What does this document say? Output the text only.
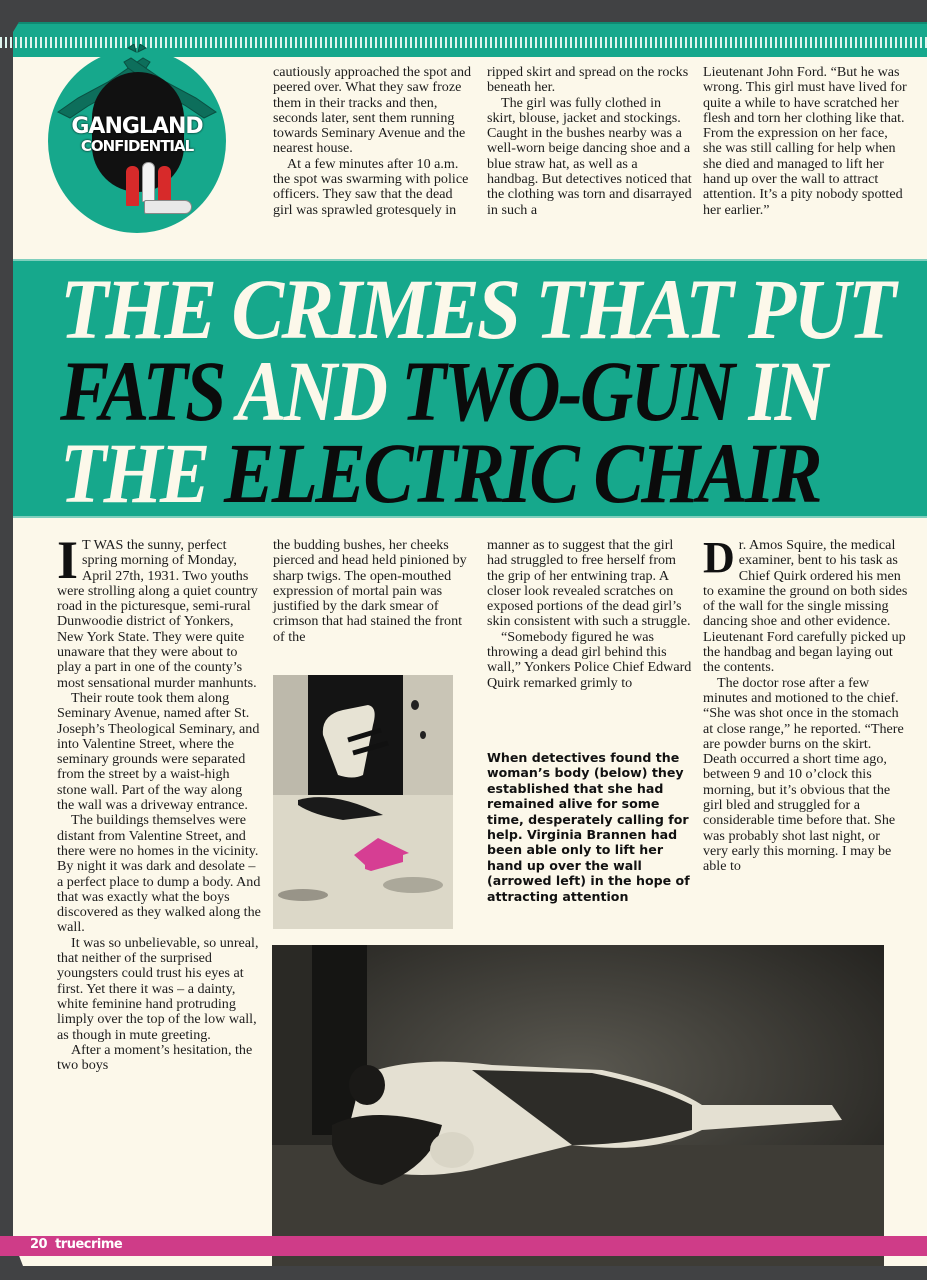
GANGLAND
CONFIDENTIAL

cautiously approached the spot and peered over. What they saw froze them in their tracks and then, seconds later, sent them running towards Seminary Avenue and the nearest house.

At a few minutes after 10 a.m. the spot was swarming with police officers. They saw that the dead girl was sprawled grotesquely in

ripped skirt and spread on the rocks beneath her.

The girl was fully clothed in skirt, blouse, jacket and stockings. Caught in the bushes nearby was a well-worn beige dancing shoe and a blue straw hat, as well as a handbag. But detectives noticed that the clothing was torn and disarrayed in such a

Lieutenant John Ford. “But he was wrong. This girl must have lived for quite a while to have scratched her flesh and torn her clothing like that. From the expression on her face, she was still calling for help when she died and managed to lift her hand up over the wall to attract attention. It’s a pity nobody spotted her earlier.”

THE CRIMES THAT PUT
FATS AND TWO-GUN IN
THE ELECTRIC CHAIR
I T WAS the sunny, perfect spring morning of Monday, April 27th, 1931. Two youths were strolling along a quiet country road in the picturesque, semi-rural Dunwoodie district of Yonkers, New York State. They were quite unaware that they were about to play a part in one of the county’s most sensational murder manhunts.

Their route took them along Seminary Avenue, named after St. Joseph’s Theological Seminary, and into Valentine Street, where the seminary grounds were separated from the street by a waist-high stone wall. Part of the way along the wall was a driveway entrance.

The buildings themselves were distant from Valentine Street, and there were no homes in the vicinity. By night it was dark and desolate – a perfect place to dump a body. And that was exactly what the boys discovered as they walked along the wall.

It was so unbelievable, so unreal, that neither of the surprised youngsters could trust his eyes at first. Yet there it was – a dainty, white feminine hand protruding limply over the top of the low wall, as though in mute greeting.

After a moment’s hesitation, the two boys

the budding bushes, her cheeks pierced and head held pinioned by sharp twigs. The open-mouthed expression of mortal pain was justified by the dark smear of crimson that had stained the front of the

manner as to suggest that the girl had struggled to free herself from the grip of her entwining trap. A closer look revealed scratches on exposed portions of the dead girl’s skin consistent with such a struggle.

“Somebody figured he was throwing a dead girl behind this wall,” Yonkers Police Chief Edward Quirk remarked grimly to

When detectives found the woman’s body (below) they established that she had remained alive for some time, desperately calling for help. Virginia Brannen had been able only to lift her hand up over the wall (arrowed left) in the hope of attracting attention
D r. Amos Squire, the medical examiner, bent to his task as Chief Quirk ordered his men to examine the ground on both sides of the wall for the single missing dancing shoe and other evidence. Lieutenant Ford carefully picked up the handbag and began laying out the contents.

The doctor rose after a few minutes and motioned to the chief. “She was shot once in the stomach at close range,” he reported. “There are powder burns on the skirt. Death occurred a short time ago, between 9 and 10 o’clock this morning, but it’s obvious that the girl bled and struggled for a considerable time before that. She was probably shot last night, or very early this morning. I may be able to

20 truecrime
